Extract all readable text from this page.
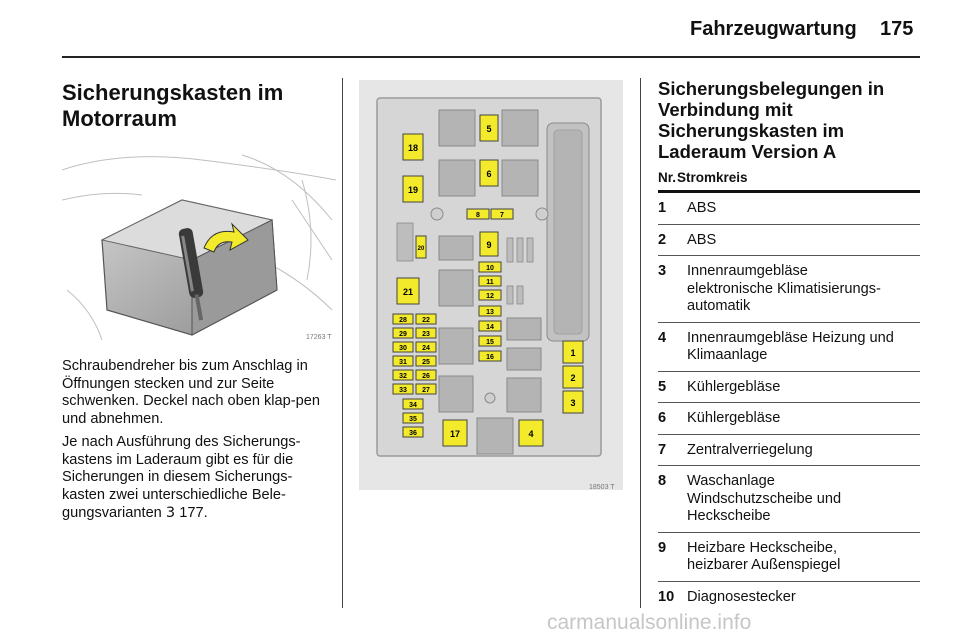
Fahrzeugwartung 175
Sicherungskasten im Motorraum
17263 T

Schraubendreher bis zum Anschlag in Öffnungen stecken und zur Seite schwenken. Deckel nach oben klap-pen und abnehmen.

Je nach Ausführung des Sicherungs-kastens im Laderaum gibt es für die Sicherungen in diesem Sicherungs-kasten zwei unterschiedliche Bele-gungsvarianten 3 177.

5
6
18
19
9
20
21
1
2
3
4
17
8	7
10
11
12
13
14
15
16
28 22
29 23
30 24
31 25
32 26
33 27
34
35
36
18503 T
Sicherungsbelegungen in Verbindung mit Sicherungskasten im Laderaum Version A
Nr. Stromkreis
1 ABS
2 ABS
3 Innenraumgebläse
elektronische Klimatisierungs-
automatik
4 Innenraumgebläse Heizung und
Klimaanlage
5 Kühlergebläse
6 Kühlergebläse
7 Zentralverriegelung
8 Waschanlage
Windschutzscheibe und
Heckscheibe
9 Heizbare Heckscheibe,
heizbarer Außenspiegel
10 Diagnosestecker
carmanualsonline.info
